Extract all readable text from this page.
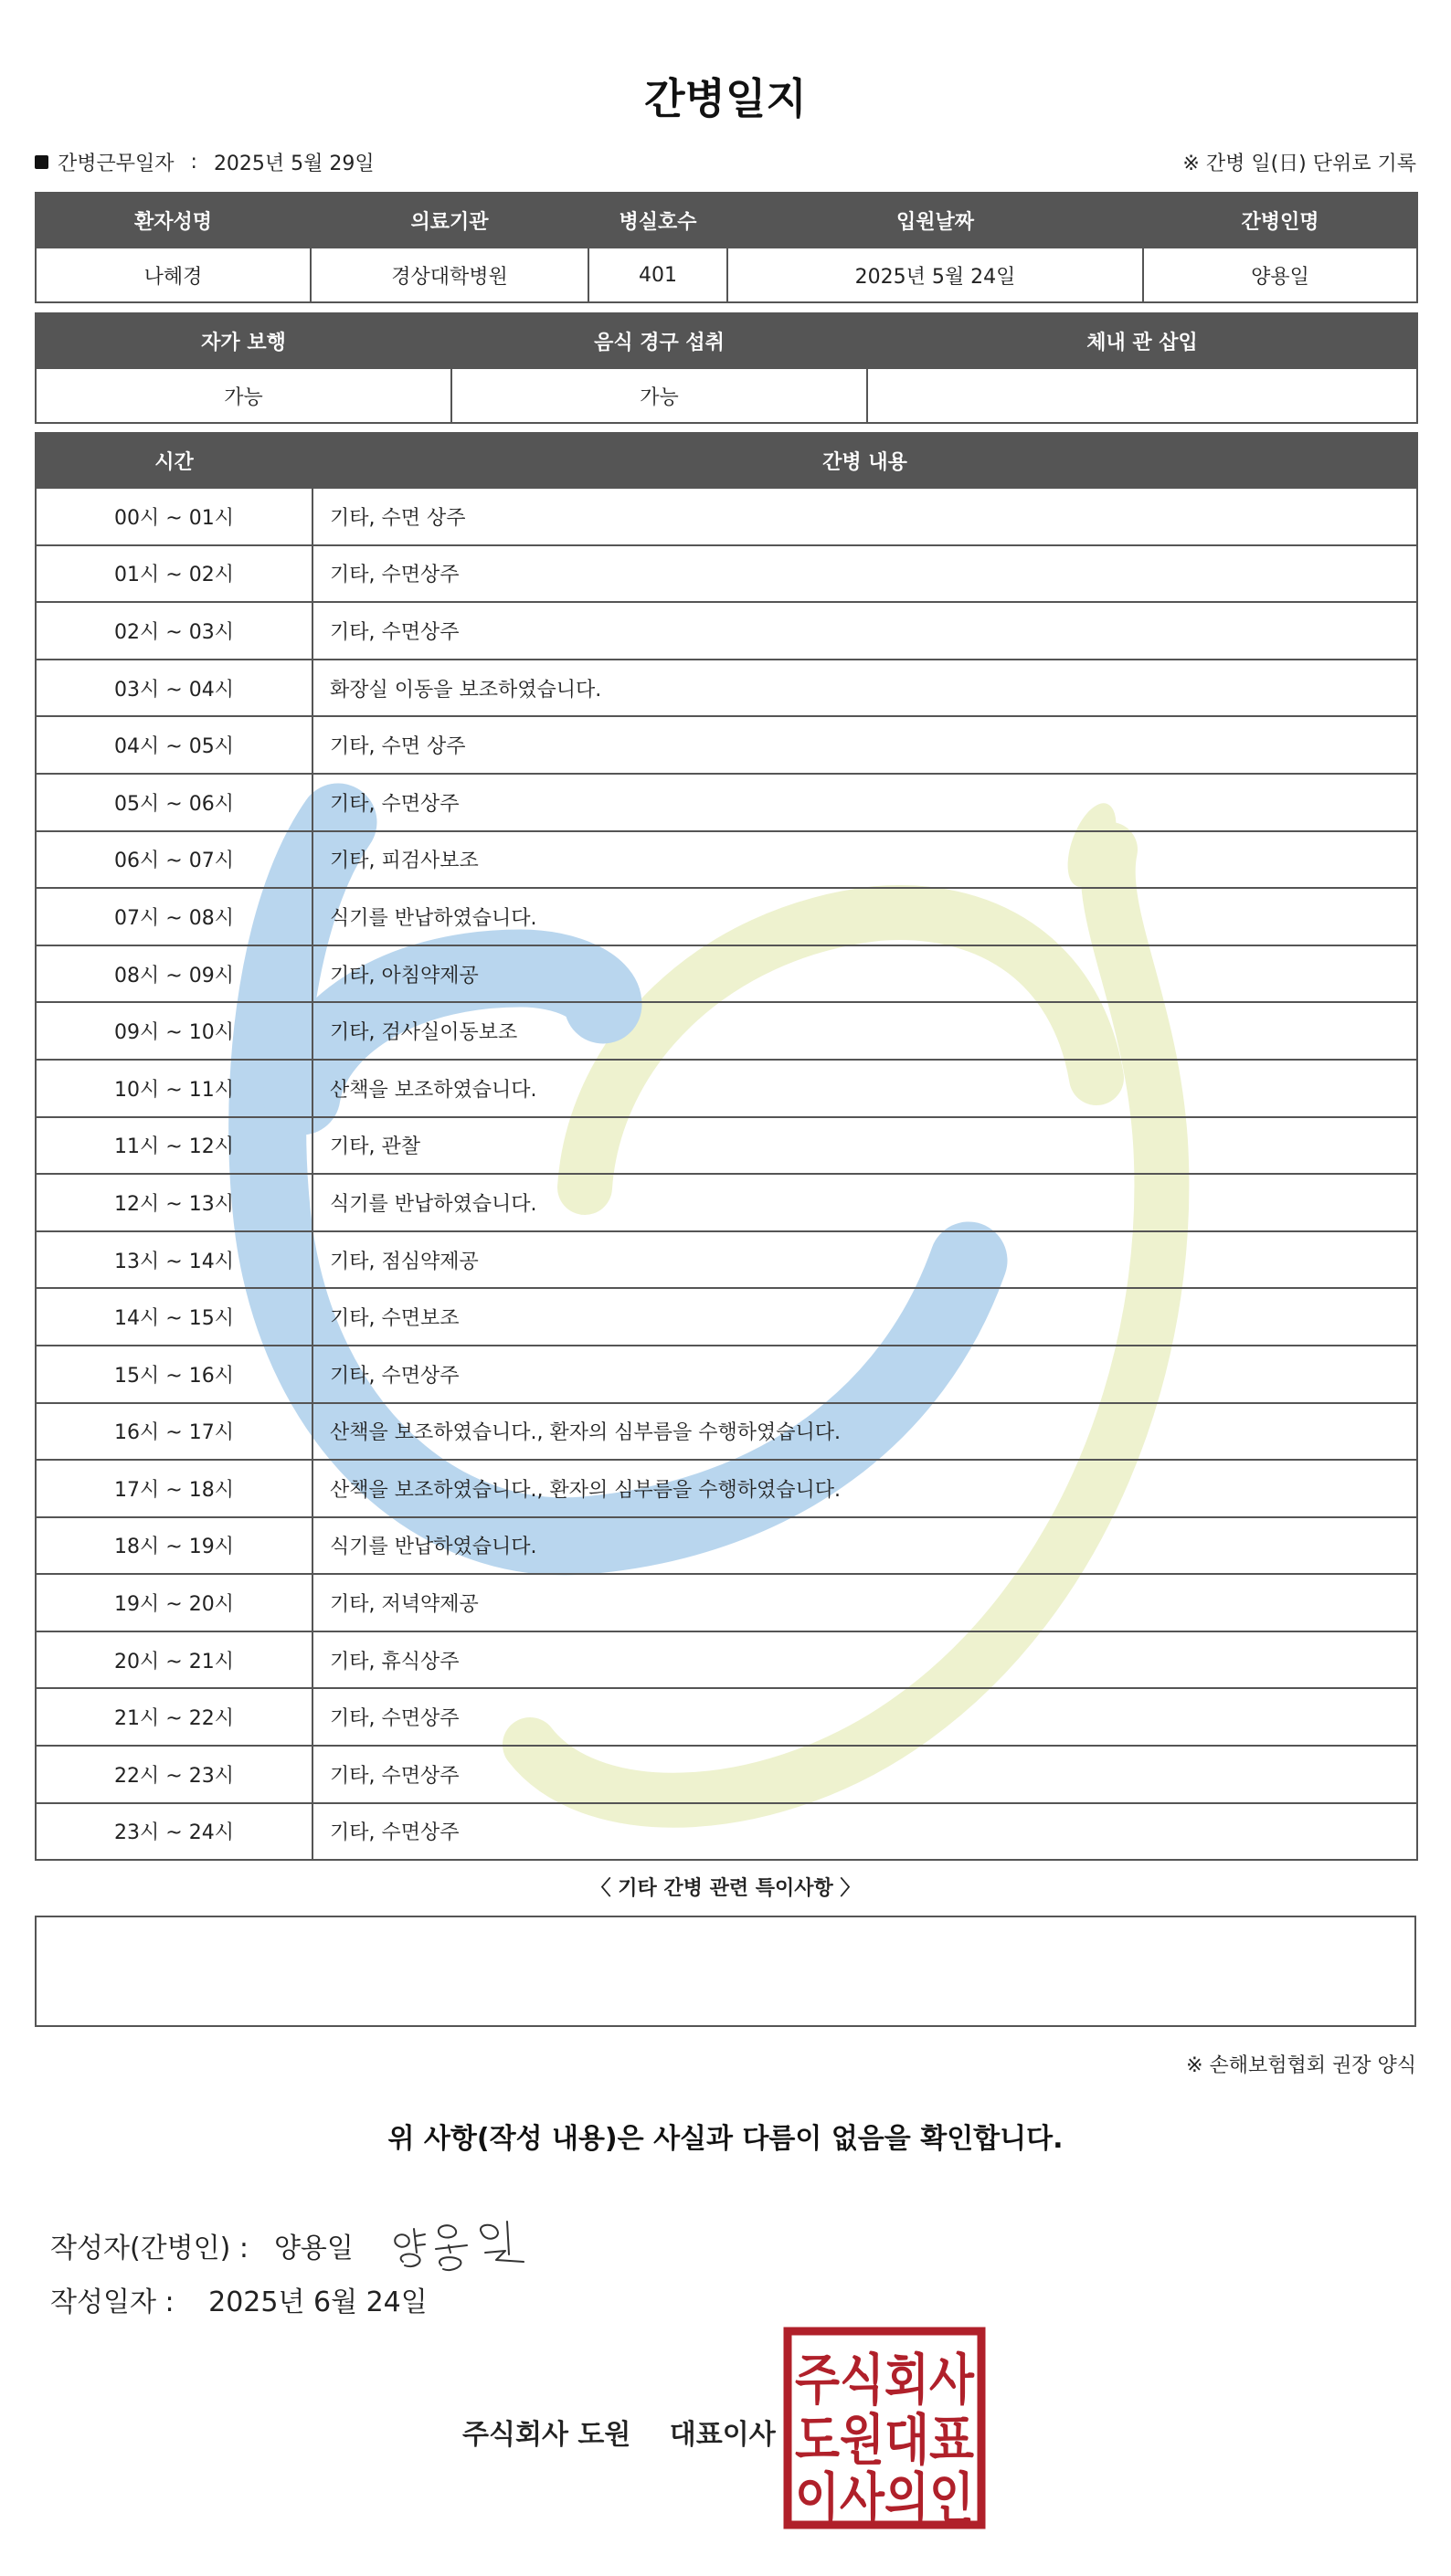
간병일지
간병근무일자 : 2025년 5월 29일	※ 간병 일(日) 단위로 기록
환자성명	의료기관	병실호수	입원날짜	간병인명
나혜경	경상대학병원	401	2025년 5월 24일	양용일
자가 보행	음식 경구 섭취	체내 관 삽입
가능	가능	
시간	간병 내용
00시 ~ 01시	기타, 수면 상주
01시 ~ 02시	기타, 수면상주
02시 ~ 03시	기타, 수면상주
03시 ~ 04시	화장실 이동을 보조하였습니다.
04시 ~ 05시	기타, 수면 상주
05시 ~ 06시	기타, 수면상주
06시 ~ 07시	기타, 피검사보조
07시 ~ 08시	식기를 반납하였습니다.
08시 ~ 09시	기타, 아침약제공
09시 ~ 10시	기타, 검사실이동보조
10시 ~ 11시	산책을 보조하였습니다.
11시 ~ 12시	기타, 관찰
12시 ~ 13시	식기를 반납하였습니다.
13시 ~ 14시	기타, 점심약제공
14시 ~ 15시	기타, 수면보조
15시 ~ 16시	기타, 수면상주
16시 ~ 17시	산책을 보조하였습니다., 환자의 심부름을 수행하였습니다.
17시 ~ 18시	산책을 보조하였습니다., 환자의 심부름을 수행하였습니다.
18시 ~ 19시	식기를 반납하였습니다.
19시 ~ 20시	기타, 저녁약제공
20시 ~ 21시	기타, 휴식상주
21시 ~ 22시	기타, 수면상주
22시 ~ 23시	기타, 수면상주
23시 ~ 24시	기타, 수면상주
〈 기타 간병 관련 특이사항 〉
※ 손해보험협회 권장 양식
위 사항(작성 내용)은 사실과 다름이 없음을 확인합니다.
작성자(간병인) : 양용일
작성일자 : 2025년 6월 24일
주식회사 도원 대표이사
주식회사
도원대표
이사의인
